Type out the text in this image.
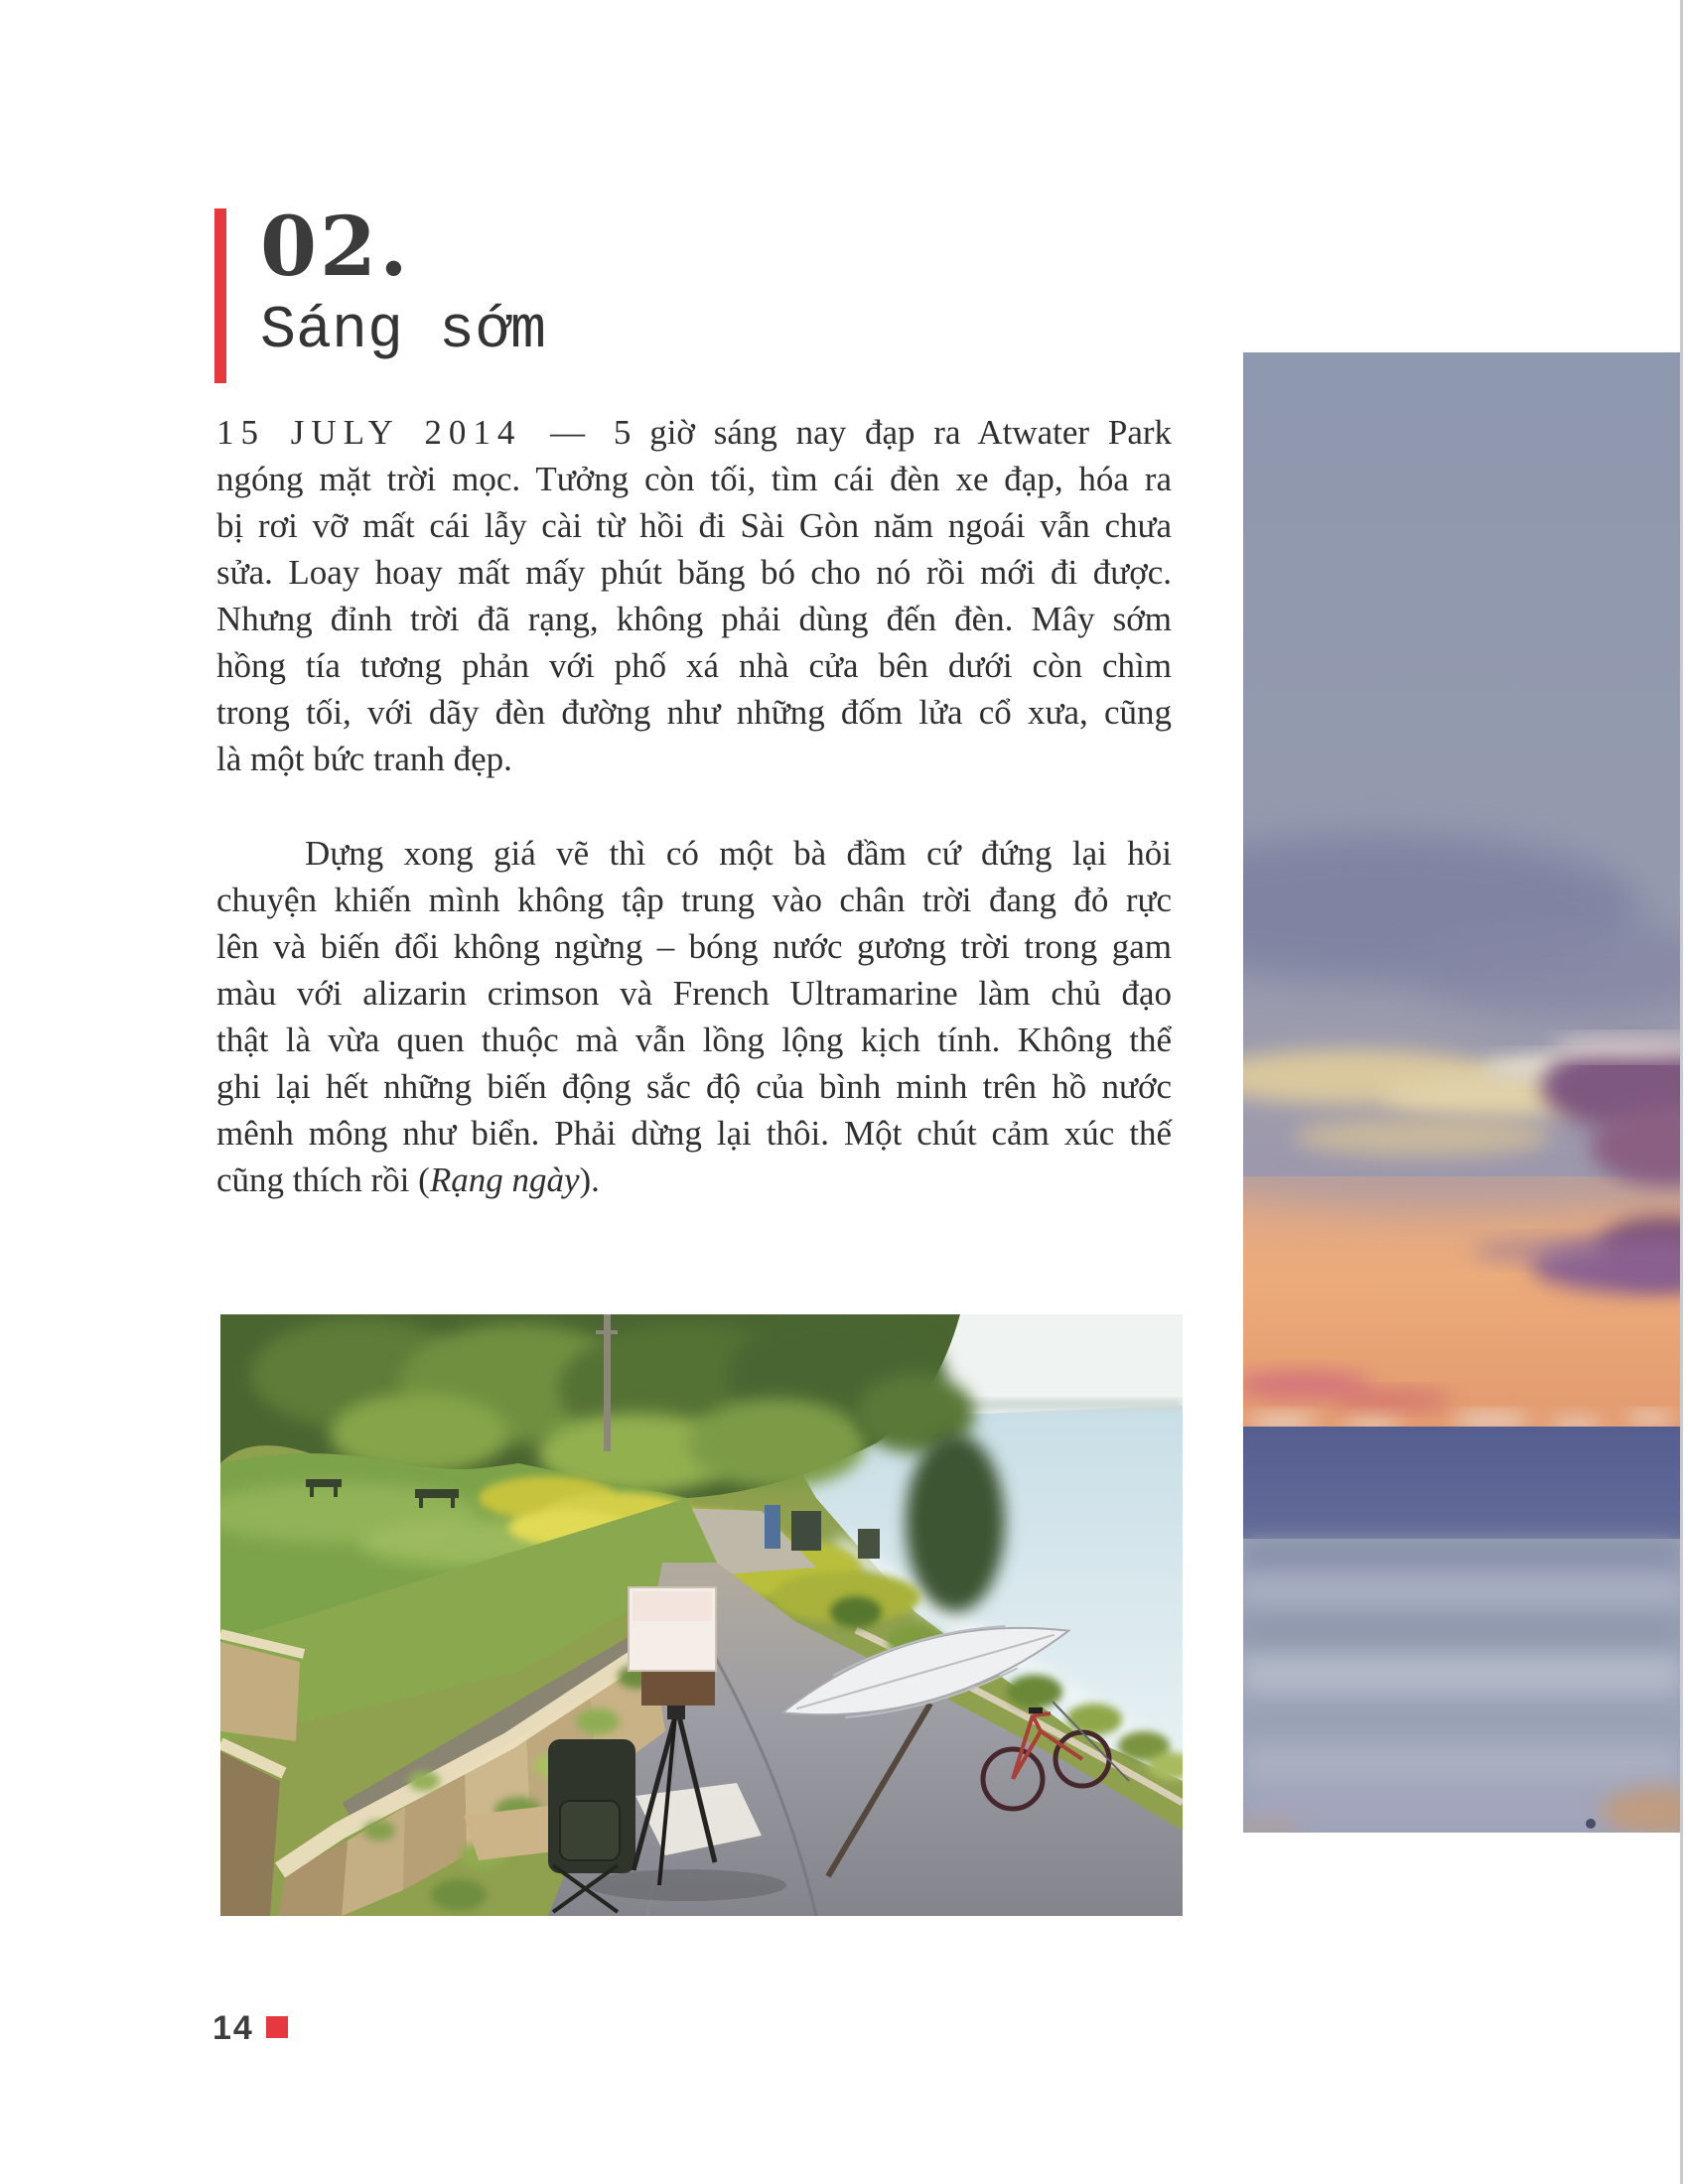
02.
Sáng sớm
15 JULY 2014 — 5 giờ sáng nay đạp ra Atwater Park
ngóng mặt trời mọc. Tưởng còn tối, tìm cái đèn xe đạp, hóa ra
bị rơi vỡ mất cái lẫy cài từ hồi đi Sài Gòn năm ngoái vẫn chưa
sửa. Loay hoay mất mấy phút băng bó cho nó rồi mới đi được.
Nhưng đỉnh trời đã rạng, không phải dùng đến đèn. Mây sớm
hồng tía tương phản với phố xá nhà cửa bên dưới còn chìm
trong tối, với dãy đèn đường như những đốm lửa cổ xưa, cũng
là một bức tranh đẹp.
Dựng xong giá vẽ thì có một bà đầm cứ đứng lại hỏi
chuyện khiến mình không tập trung vào chân trời đang đỏ rực
lên và biến đổi không ngừng – bóng nước gương trời trong gam
màu với alizarin crimson và French Ultramarine làm chủ đạo
thật là vừa quen thuộc mà vẫn lồng lộng kịch tính. Không thể
ghi lại hết những biến động sắc độ của bình minh trên hồ nước
mênh mông như biển. Phải dừng lại thôi. Một chút cảm xúc thế
cũng thích rồi (Rạng ngày).
14
